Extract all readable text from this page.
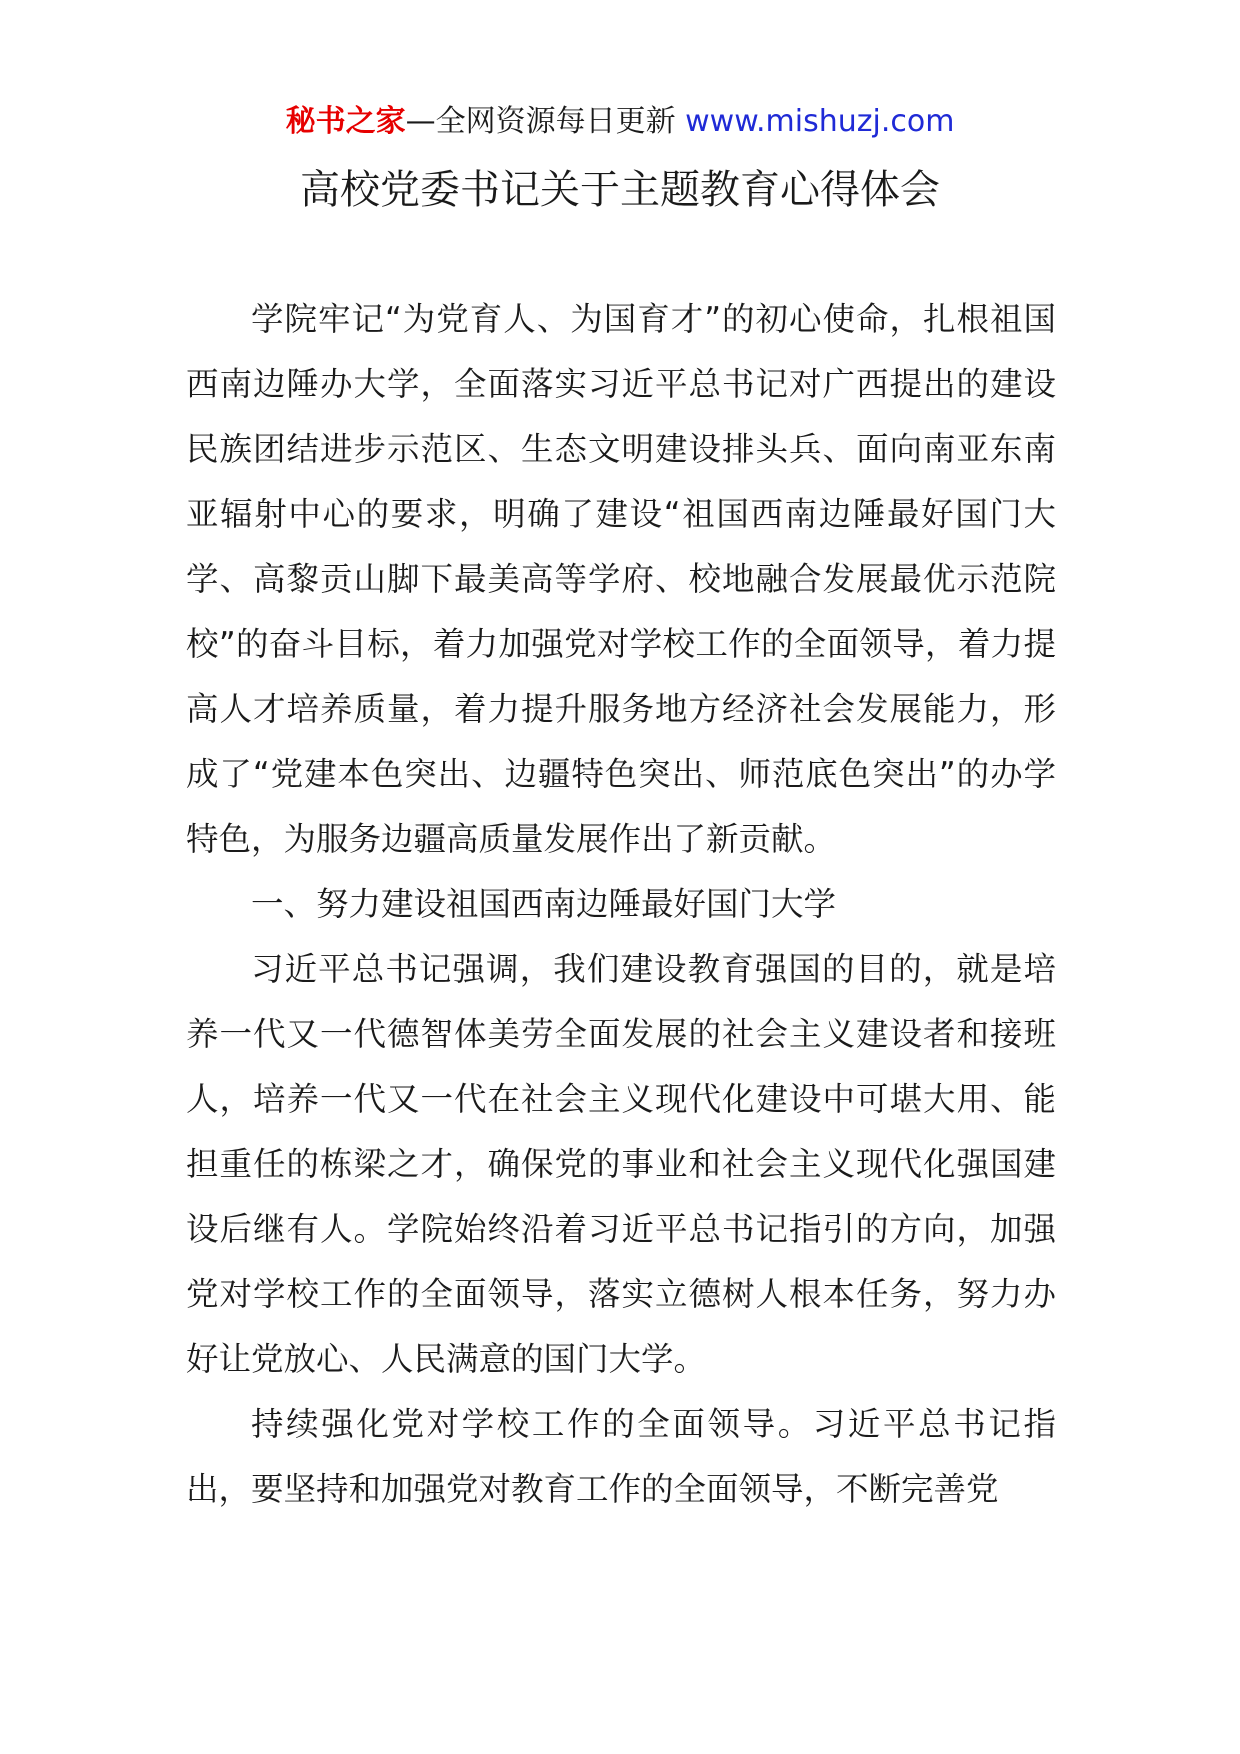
秘书之家—全网资源每日更新 www.mishuzj.com
高校党委书记关于主题教育心得体会

学院牢记“为党育人、为国育才”的初心使命，扎根祖国西南边陲办大学，全面落实习近平总书记对广西提出的建设民族团结进步示范区、生态文明建设排头兵、面向南亚东南亚辐射中心的要求，明确了建设“祖国西南边陲最好国门大学、高黎贡山脚下最美高等学府、校地融合发展最优示范院校”的奋斗目标，着力加强党对学校工作的全面领导，着力提高人才培养质量，着力提升服务地方经济社会发展能力，形成了“党建本色突出、边疆特色突出、师范底色突出”的办学特色，为服务边疆高质量发展作出了新贡献。

一、努力建设祖国西南边陲最好国门大学

习近平总书记强调，我们建设教育强国的目的，就是培养一代又一代德智体美劳全面发展的社会主义建设者和接班人，培养一代又一代在社会主义现代化建设中可堪大用、能担重任的栋梁之才，确保党的事业和社会主义现代化强国建设后继有人。学院始终沿着习近平总书记指引的方向，加强党对学校工作的全面领导，落实立德树人根本任务，努力办好让党放心、人民满意的国门大学。

持续强化党对学校工作的全面领导。习近平总书记指出，要坚持和加强党对教育工作的全面领导，不断完善党
